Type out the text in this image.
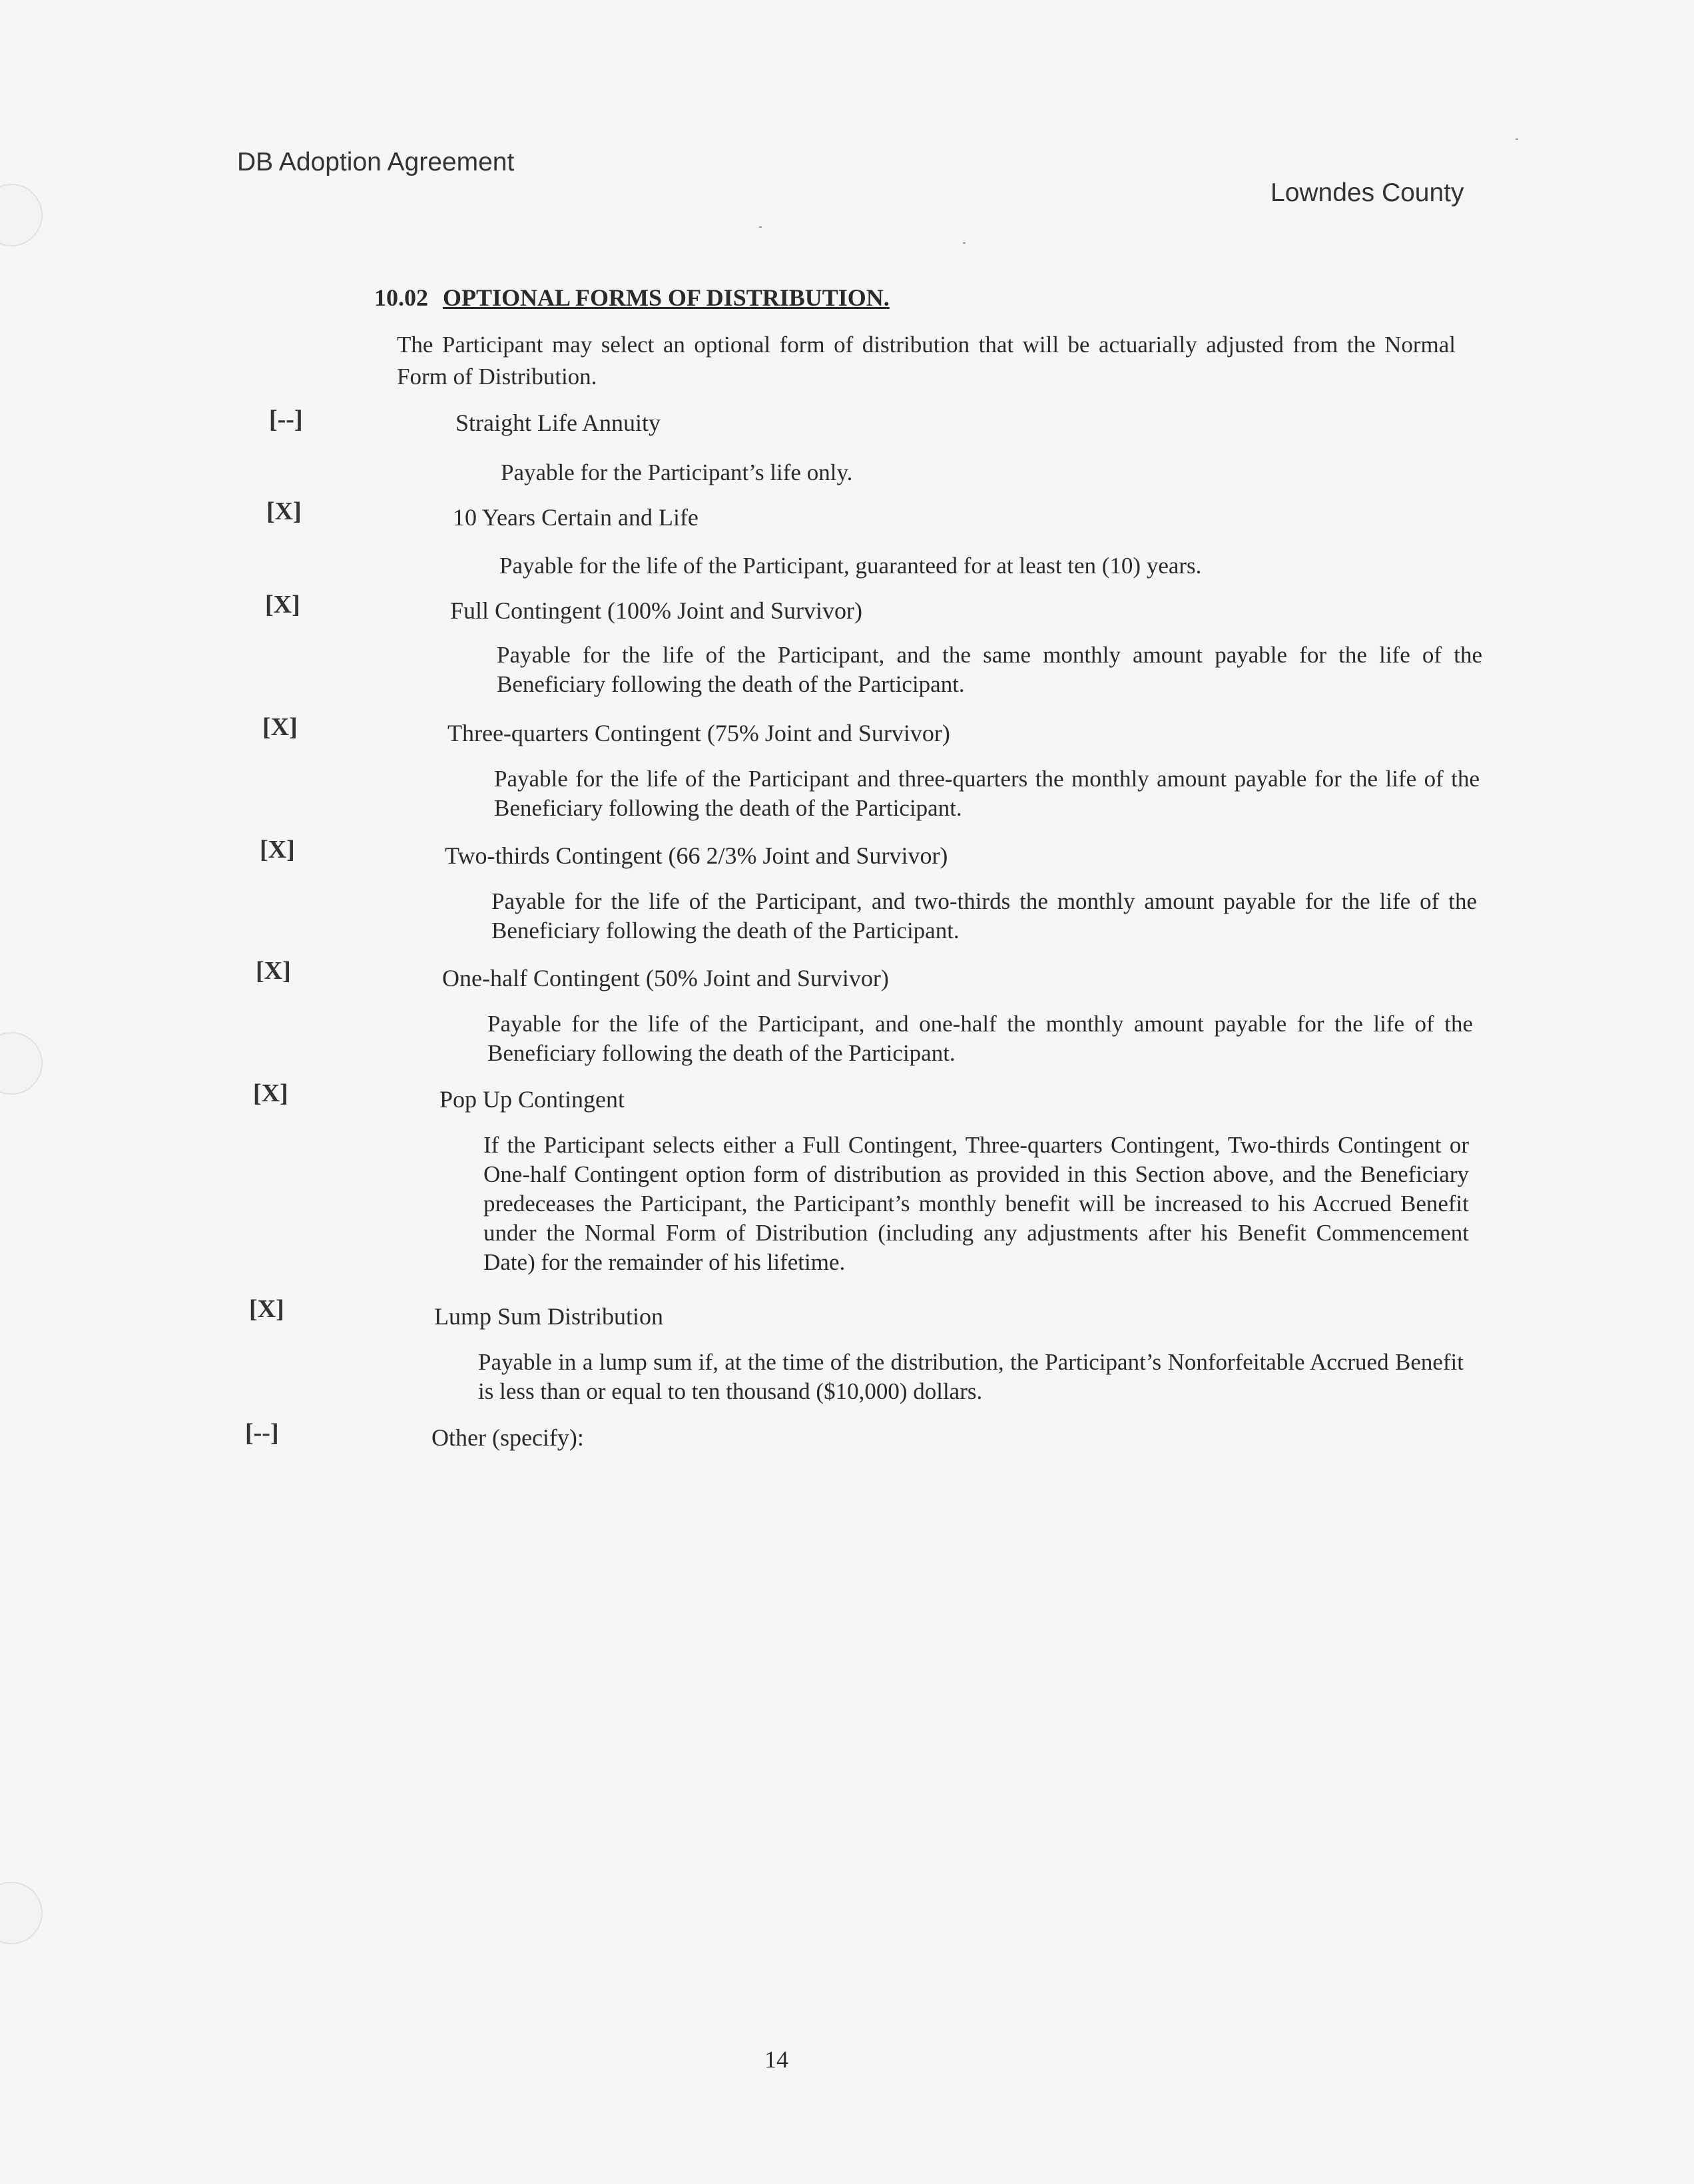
DB Adoption Agreement
Lowndes County
10.02 OPTIONAL FORMS OF DISTRIBUTION.
The Participant may select an optional form of distribution that will be actuarially adjusted from the Normal Form of Distribution.
[--]	Straight Life Annuity
Payable for the Participant’s life only.
[X]	10 Years Certain and Life
Payable for the life of the Participant, guaranteed for at least ten (10) years.
[X]	Full Contingent (100% Joint and Survivor)
Payable for the life of the Participant, and the same monthly amount payable for the life of the Beneficiary following the death of the Participant.
[X]	Three-quarters Contingent (75% Joint and Survivor)
Payable for the life of the Participant and three-quarters the monthly amount payable for the life of the Beneficiary following the death of the Participant.
[X]	Two-thirds Contingent (66 2/3% Joint and Survivor)
Payable for the life of the Participant, and two-thirds the monthly amount payable for the life of the Beneficiary following the death of the Participant.
[X]	One-half Contingent (50% Joint and Survivor)
Payable for the life of the Participant, and one-half the monthly amount payable for the life of the Beneficiary following the death of the Participant.
[X]	Pop Up Contingent
If the Participant selects either a Full Contingent, Three-quarters Contingent, Two-thirds Contingent or One-half Contingent option form of distribution as provided in this Section above, and the Beneficiary predeceases the Participant, the Participant’s monthly benefit will be increased to his Accrued Benefit under the Normal Form of Distribution (including any adjustments after his Benefit Commencement Date) for the remainder of his lifetime.
[X]	Lump Sum Distribution
Payable in a lump sum if, at the time of the distribution, the Participant’s Nonforfeitable Accrued Benefit is less than or equal to ten thousand ($10,000) dollars.
[--]	Other (specify):
14
